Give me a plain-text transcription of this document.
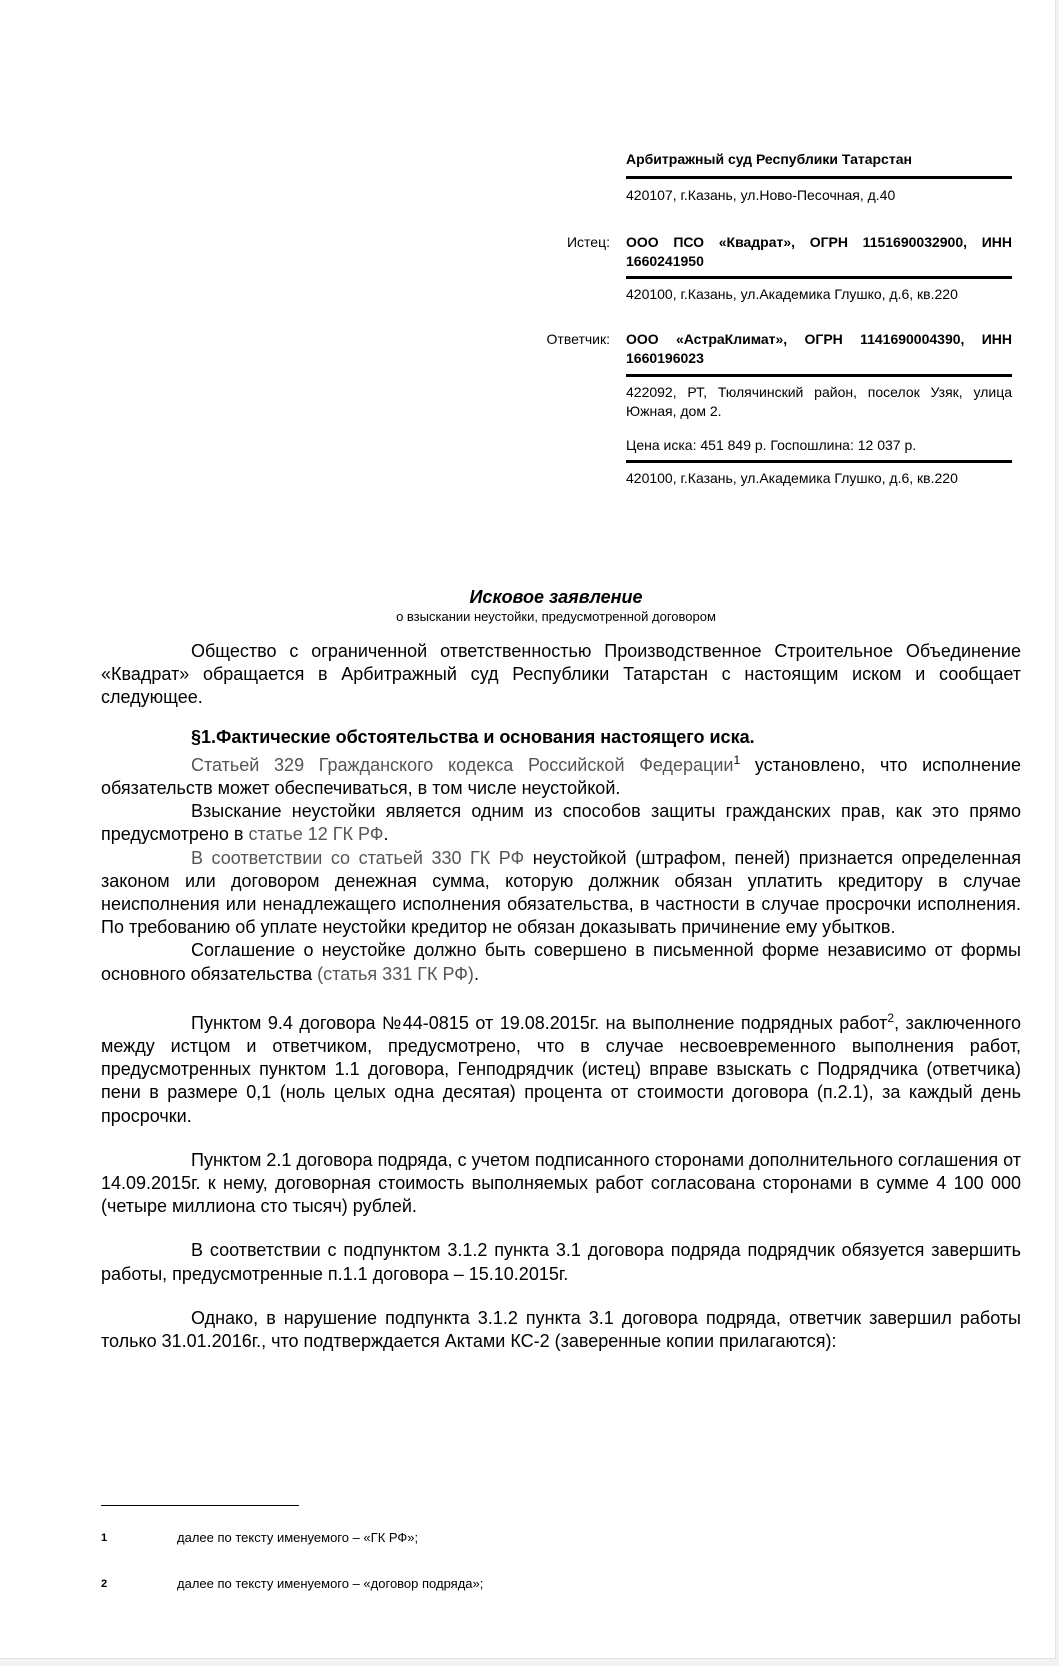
Арбитражный суд Республики Татарстан
420107, г.Казань, ул.Ново-Песочная, д.40
Истец:	ООО ПСО «Квадрат», ОГРН 1151690032900, ИНН 1660241950
420100, г.Казань, ул.Академика Глушко, д.6, кв.220
Ответчик:	ООО «АстраКлимат», ОГРН 1141690004390, ИНН 1660196023
422092, РТ, Тюлячинский район, поселок Узяк, улица Южная, дом 2.
Цена иска: 451 849 р. Госпошлина: 12 037 р.
420100, г.Казань, ул.Академика Глушко, д.6, кв.220
Исковое заявление
о взыскании неустойки, предусмотренной договором

Общество с ограниченной ответственностью Производственное Строительное Объединение «Квадрат» обращается в Арбитражный суд Республики Татарстан с настоящим иском и сообщает следующее.

§1.Фактические обстоятельства и основания настоящего иска.

Статьей 329 Гражданского кодекса Российской Федерации$^1$ установлено, что исполнение обязательств может обеспечиваться, в том числе неустойкой.

Взыскание неустойки является одним из способов защиты гражданских прав, как это прямо предусмотрено в статье 12 ГК РФ.

В соответствии со статьей 330 ГК РФ неустойкой (штрафом, пеней) признается определенная законом или договором денежная сумма, которую должник обязан уплатить кредитору в случае неисполнения или ненадлежащего исполнения обязательства, в частности в случае просрочки исполнения. По требованию об уплате неустойки кредитор не обязан доказывать причинение ему убытков.

Соглашение о неустойке должно быть совершено в письменной форме независимо от формы основного обязательства (статья 331 ГК РФ).

Пунктом 9.4 договора №44-0815 от 19.08.2015г. на выполнение подрядных работ$^2$, заключенного между истцом и ответчиком, предусмотрено, что в случае несвоевременного выполнения работ, предусмотренных пунктом 1.1 договора, Генподрядчик (истец) вправе взыскать с Подрядчика (ответчика) пени в размере 0,1 (ноль целых одна десятая) процента от стоимости договора (п.2.1), за каждый день просрочки.

Пунктом 2.1 договора подряда, с учетом подписанного сторонами дополнительного соглашения от 14.09.2015г. к нему, договорная стоимость выполняемых работ согласована сторонами в сумме 4 100 000 (четыре миллиона сто тысяч) рублей.

В соответствии с подпунктом 3.1.2 пункта 3.1 договора подряда подрядчик обязуется завершить работы, предусмотренные п.1.1 договора – 15.10.2015г.

Однако, в нарушение подпункта 3.1.2 пункта 3.1 договора подряда, ответчик завершил работы только 31.01.2016г., что подтверждается Актами КС-2 (заверенные копии прилагаются):

1	далее по тексту именуемого – «ГК РФ»;
2	далее по тексту именуемого – «договор подряда»;
